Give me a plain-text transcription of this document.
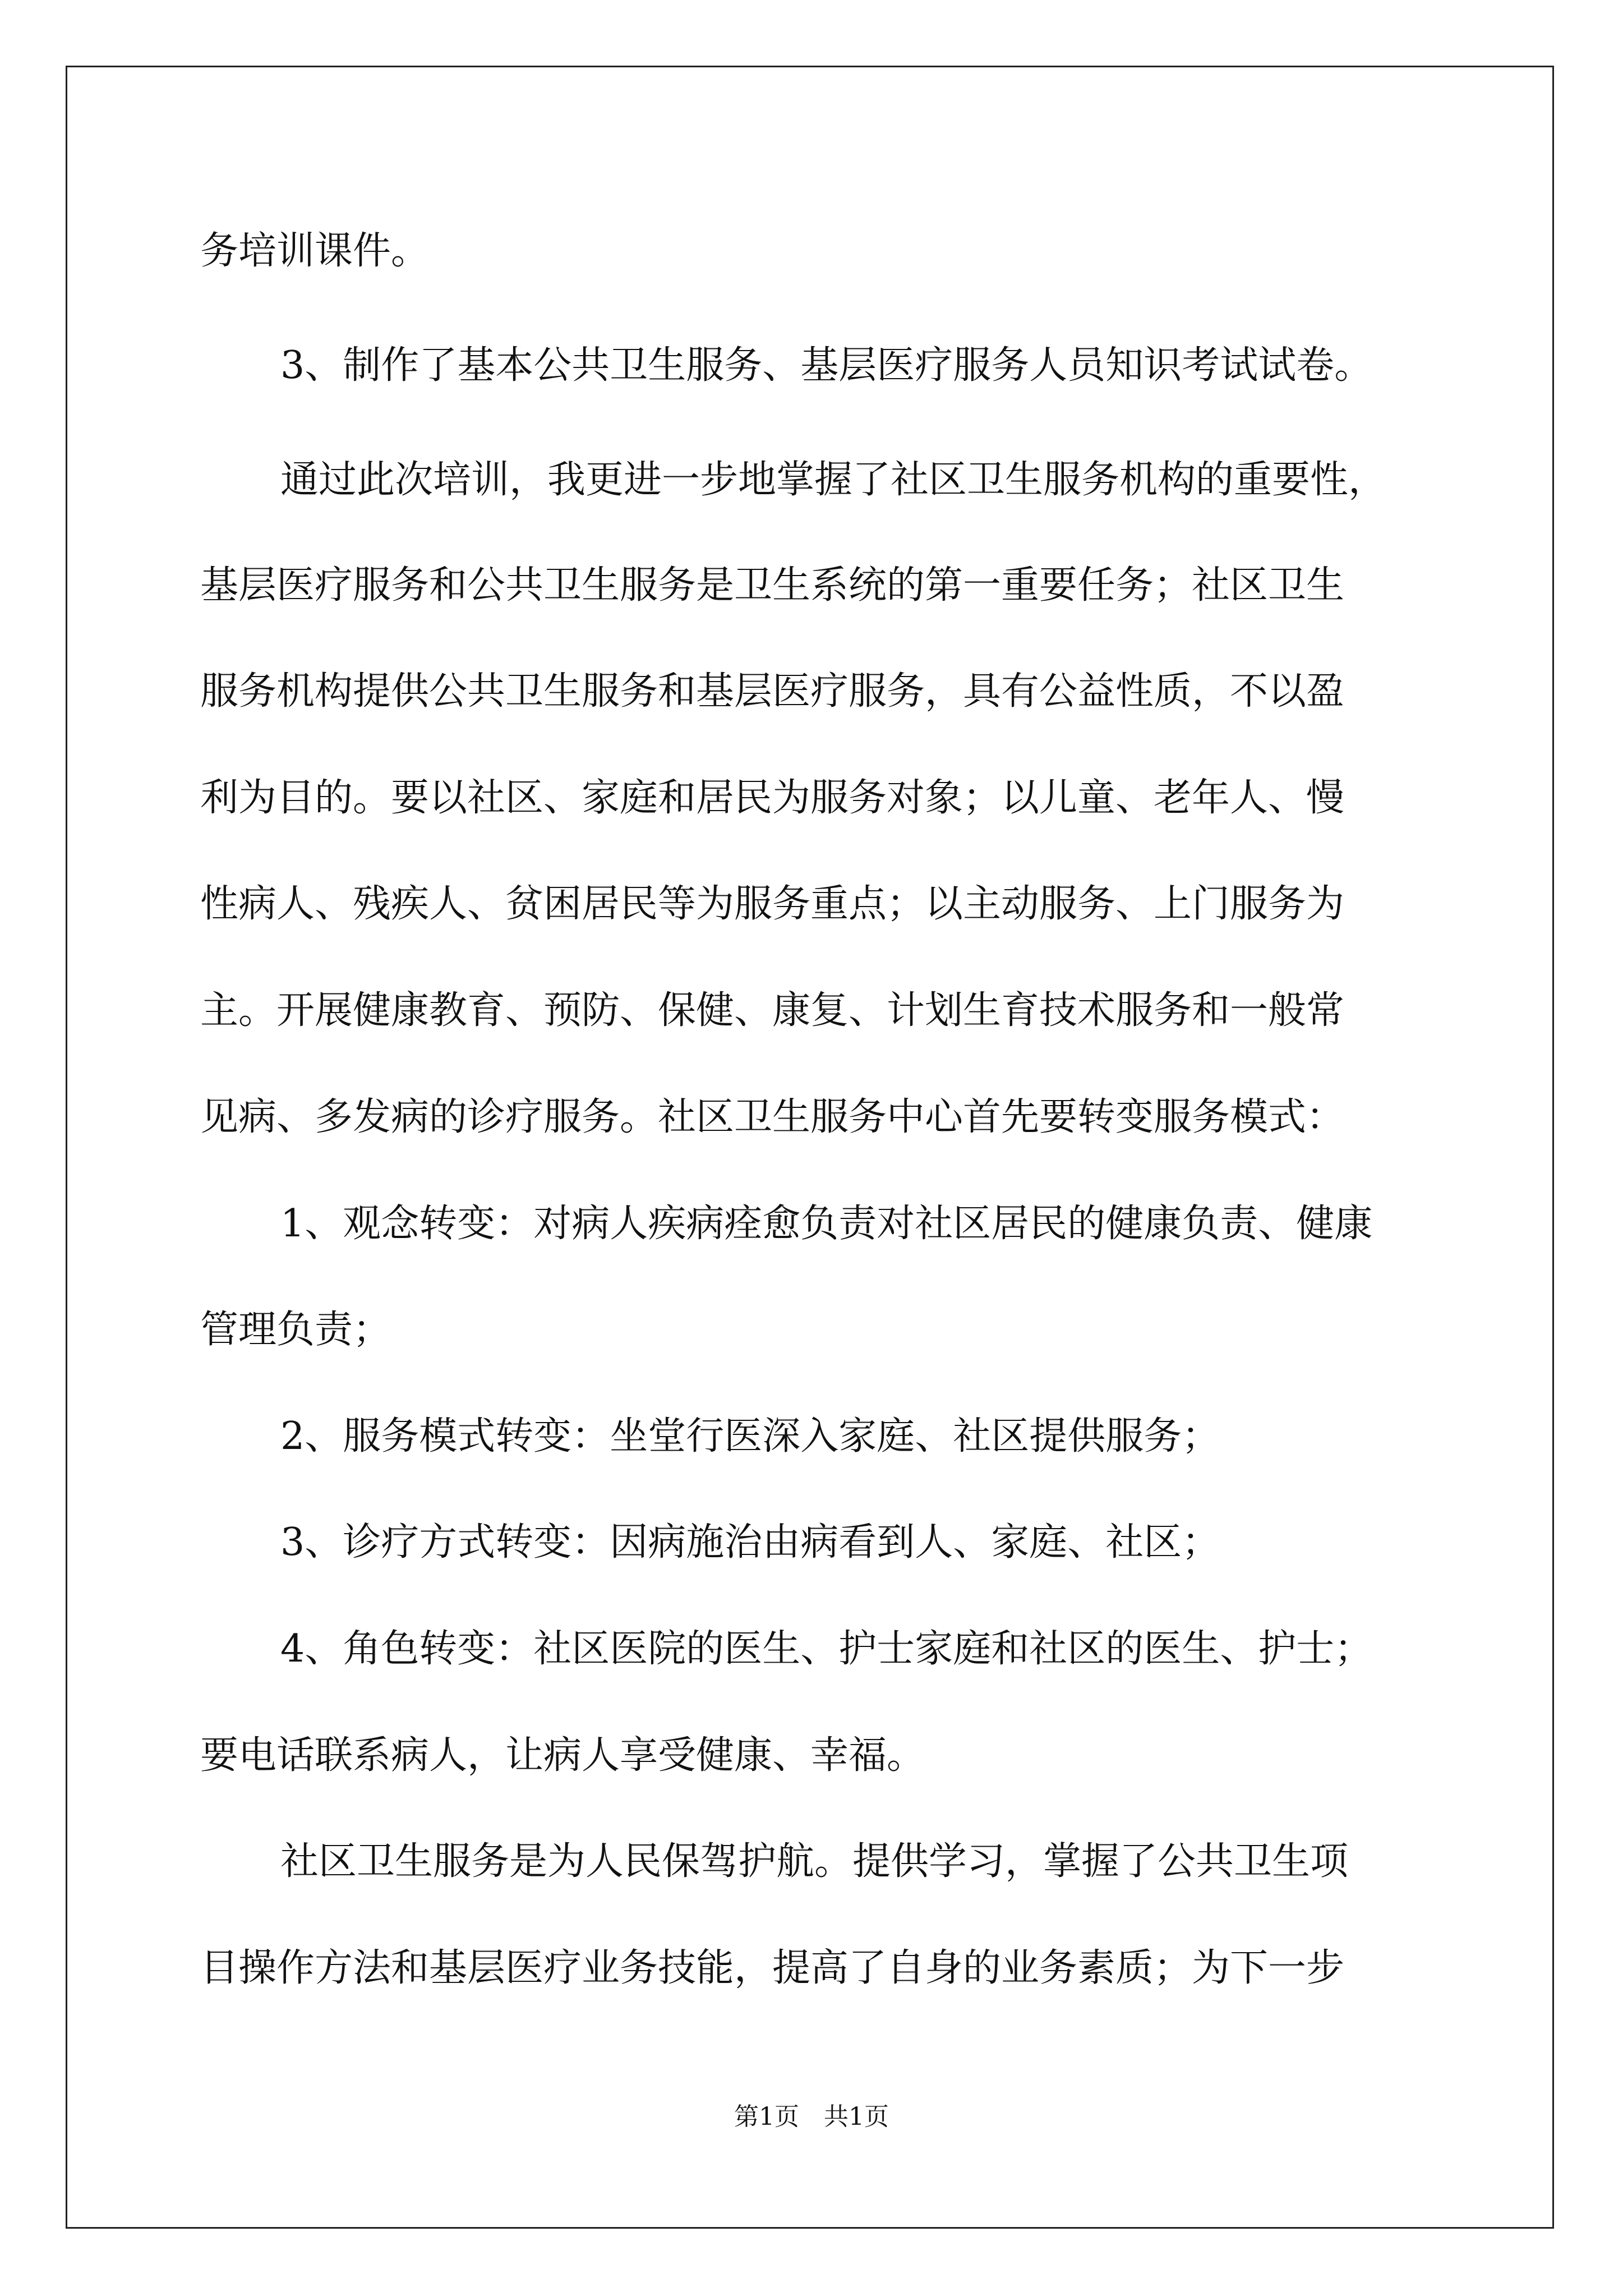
务培训课件。
3、制作了基本公共卫生服务、基层医疗服务人员知识考试试卷。
通过此次培训，我更进一步地掌握了社区卫生服务机构的重要性，
基层医疗服务和公共卫生服务是卫生系统的第一重要任务；社区卫生
服务机构提供公共卫生服务和基层医疗服务，具有公益性质，不以盈
利为目的。要以社区、家庭和居民为服务对象；以儿童、老年人、慢
性病人、残疾人、贫困居民等为服务重点；以主动服务、上门服务为
主。开展健康教育、预防、保健、康复、计划生育技术服务和一般常
见病、多发病的诊疗服务。社区卫生服务中心首先要转变服务模式：
1、观念转变：对病人疾病痊愈负责对社区居民的健康负责、健康
管理负责；
2、服务模式转变：坐堂行医深入家庭、社区提供服务；
3、诊疗方式转变：因病施治由病看到人、家庭、社区；
4、角色转变：社区医院的医生、护士家庭和社区的医生、护士；
要电话联系病人，让病人享受健康、幸福。
社区卫生服务是为人民保驾护航。提供学习，掌握了公共卫生项
目操作方法和基层医疗业务技能，提高了自身的业务素质；为下一步
第1页　共1页
